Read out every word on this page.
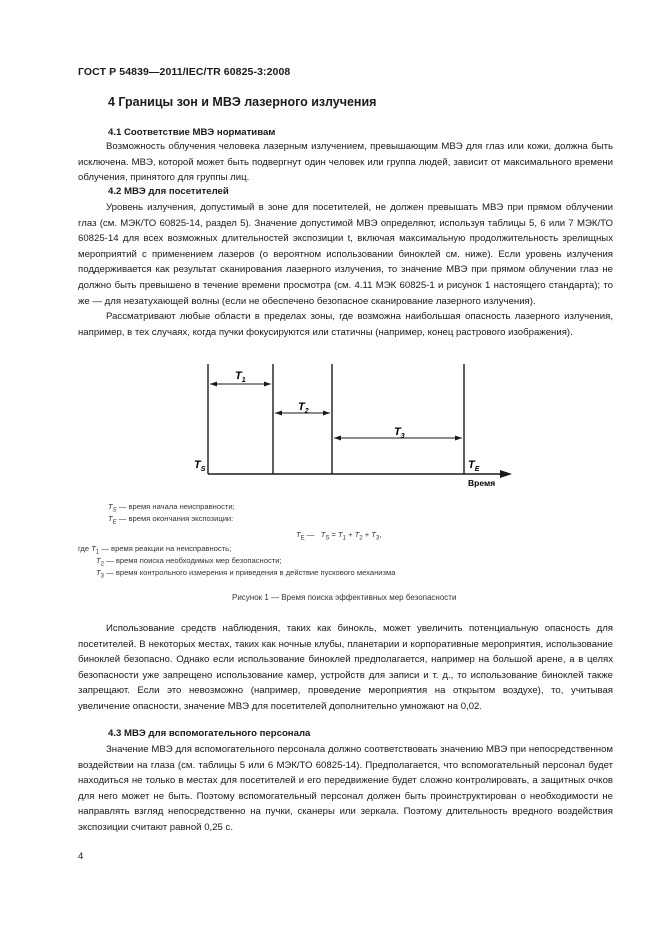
ГОСТ Р 54839—2011/IEC/TR 60825-3:2008
4 Границы зон и МВЭ лазерного излучения
4.1 Соответствие МВЭ нормативам
Возможность облучения человека лазерным излучением, превышающим МВЭ для глаз или кожи, должна быть исключена. МВЭ, которой может быть подвергнут один человек или группа людей, зависит от максимального времени облучения, принятого для группы лиц.
4.2 МВЭ для посетителей
Уровень излучения, допустимый в зоне для посетителей, не должен превышать МВЭ при прямом облучении глаз (см. МЭК/ТО 60825-14, раздел 5). Значение допустимой МВЭ определяют, используя таблицы 5, 6 или 7 МЭК/ТО 60825-14 для всех возможных длительностей экспозиции t, включая максимальную продолжительность зрелищных мероприятий с применением лазеров (о вероятном использовании биноклей см. ниже). Если уровень излучения поддерживается как результат сканирования лазерного излучения, то значение МВЭ при прямом облучении глаз не должно быть превышено в течение времени просмотра (см. 4.11 МЭК 60825-1 и рисунок 1 настоящего стандарта); то же — для незатухающей волны (если не обеспечено безопасное сканирование лазерного излучения).
Рассматривают любые области в пределах зоны, где возможна наибольшая опасность лазерного излучения, например, в тех случаях, когда пучки фокусируются или статичны (например, конец растрового изображения).
$T_1$
$T_2$
$T_3$
$T_S$	$T_E$
Время
$T_S$ — время начала неисправности;
$T_E$ — время окончания экспозиции:
$T_E$ —   $T_S = T_1 + T_2 + T_3$,
где $T_1$ — время реакции на неисправность;
$T_2$ — время поиска необходимых мер безопасности;
$T_3$ — время контрольного измерения и приведения в действие пускового механизма
Рисунок 1 — Время поиска эффективных мер безопасности
Использование средств наблюдения, таких как бинокль, может увеличить потенциальную опасность для посетителей. В некоторых местах, таких как ночные клубы, планетарии и корпоративные мероприятия, использование биноклей безопасно. Однако если использование биноклей предполагается, например на большой арене, а в целях безопасности уже запрещено использование камер, устройств для записи и т. д., то использование биноклей также запрещают. Если это невозможно (например, проведение мероприятия на открытом воздухе), то, учитывая увеличение опасности, значение МВЭ для посетителей дополнительно умножают на 0,02.
4.3 МВЭ для вспомогательного персонала
Значение МВЭ для вспомогательного персонала должно соответствовать значению МВЭ при непосредственном воздействии на глаза (см. таблицы 5 или 6 МЭК/ТО 60825-14). Предполагается, что вспомогательный персонал будет находиться не только в местах для посетителей и его передвижение будет сложно контролировать, а защитных очков для него может не быть. Поэтому вспомогательный персонал должен быть проинструктирован о необходимости не направлять взгляд непосредственно на пучки, сканеры или зеркала. Поэтому длительность вредного воздействия экспозиции считают равной 0,25 с.
4
